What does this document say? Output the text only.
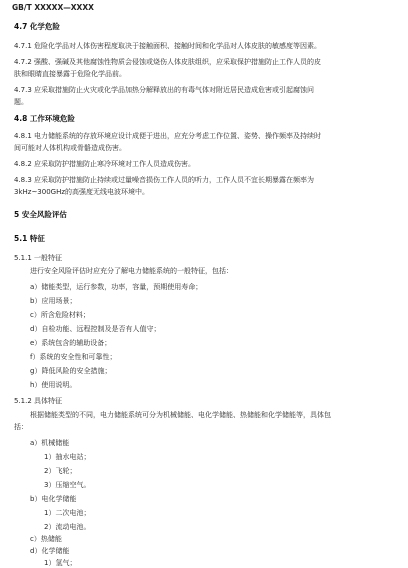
GB/T XXXXX—XXXX
4.7 化学危险
4.7.1 危险化学品对人体伤害程度取决于接触面积、接触时间和化学品对人体皮肤的敏感度等因素。
4.7.2 强酸、强碱及其他腐蚀性物质会侵蚀或烧伤人体皮肤组织，应采取保护措施防止工作人员的皮
肤和眼睛直接暴露于危险化学品前。
4.7.3 应采取措施防止火灾或化学品加热分解释放出的有毒气体对附近居民造成危害或引起腐蚀问
题。
4.8 工作环境危险
4.8.1 电力储能系统的存放环境应设计成便于进出，应充分考虑工作位置、姿势、操作频率及持续时
间可能对人体机构或骨骼造成伤害。
4.8.2 应采取防护措施防止寒冷环境对工作人员造成伤害。
4.8.3 应采取防护措施防止持续或过量噪音损伤工作人员的听力，工作人员不宜长期暴露在频率为
3kHz~300GHz的高强度无线电波环境中。
5 安全风险评估
5.1 特征
5.1.1 一般特征
进行安全风险评估时应充分了解电力储能系统的一般特征，包括：
a）储能类型，运行参数，功率，容量，预期使用寿命；
b）应用场景；
c）所含危险材料；
d）自检功能、远程控制及是否有人值守；
e）系统包含的辅助设备；
f）系统的安全性和可靠性；
g）降低风险的安全措施；
h）使用说明。
5.1.2 具体特征
根据储能类型的不同，电力储能系统可分为机械储能、电化学储能、热储能和化学储能等，具体包
括：
a）机械储能
1）抽水电站；
2）飞轮；
3）压缩空气。
b）电化学储能
1）二次电池；
2）流动电池。
c）热储能
d）化学储能
1）氢气；
